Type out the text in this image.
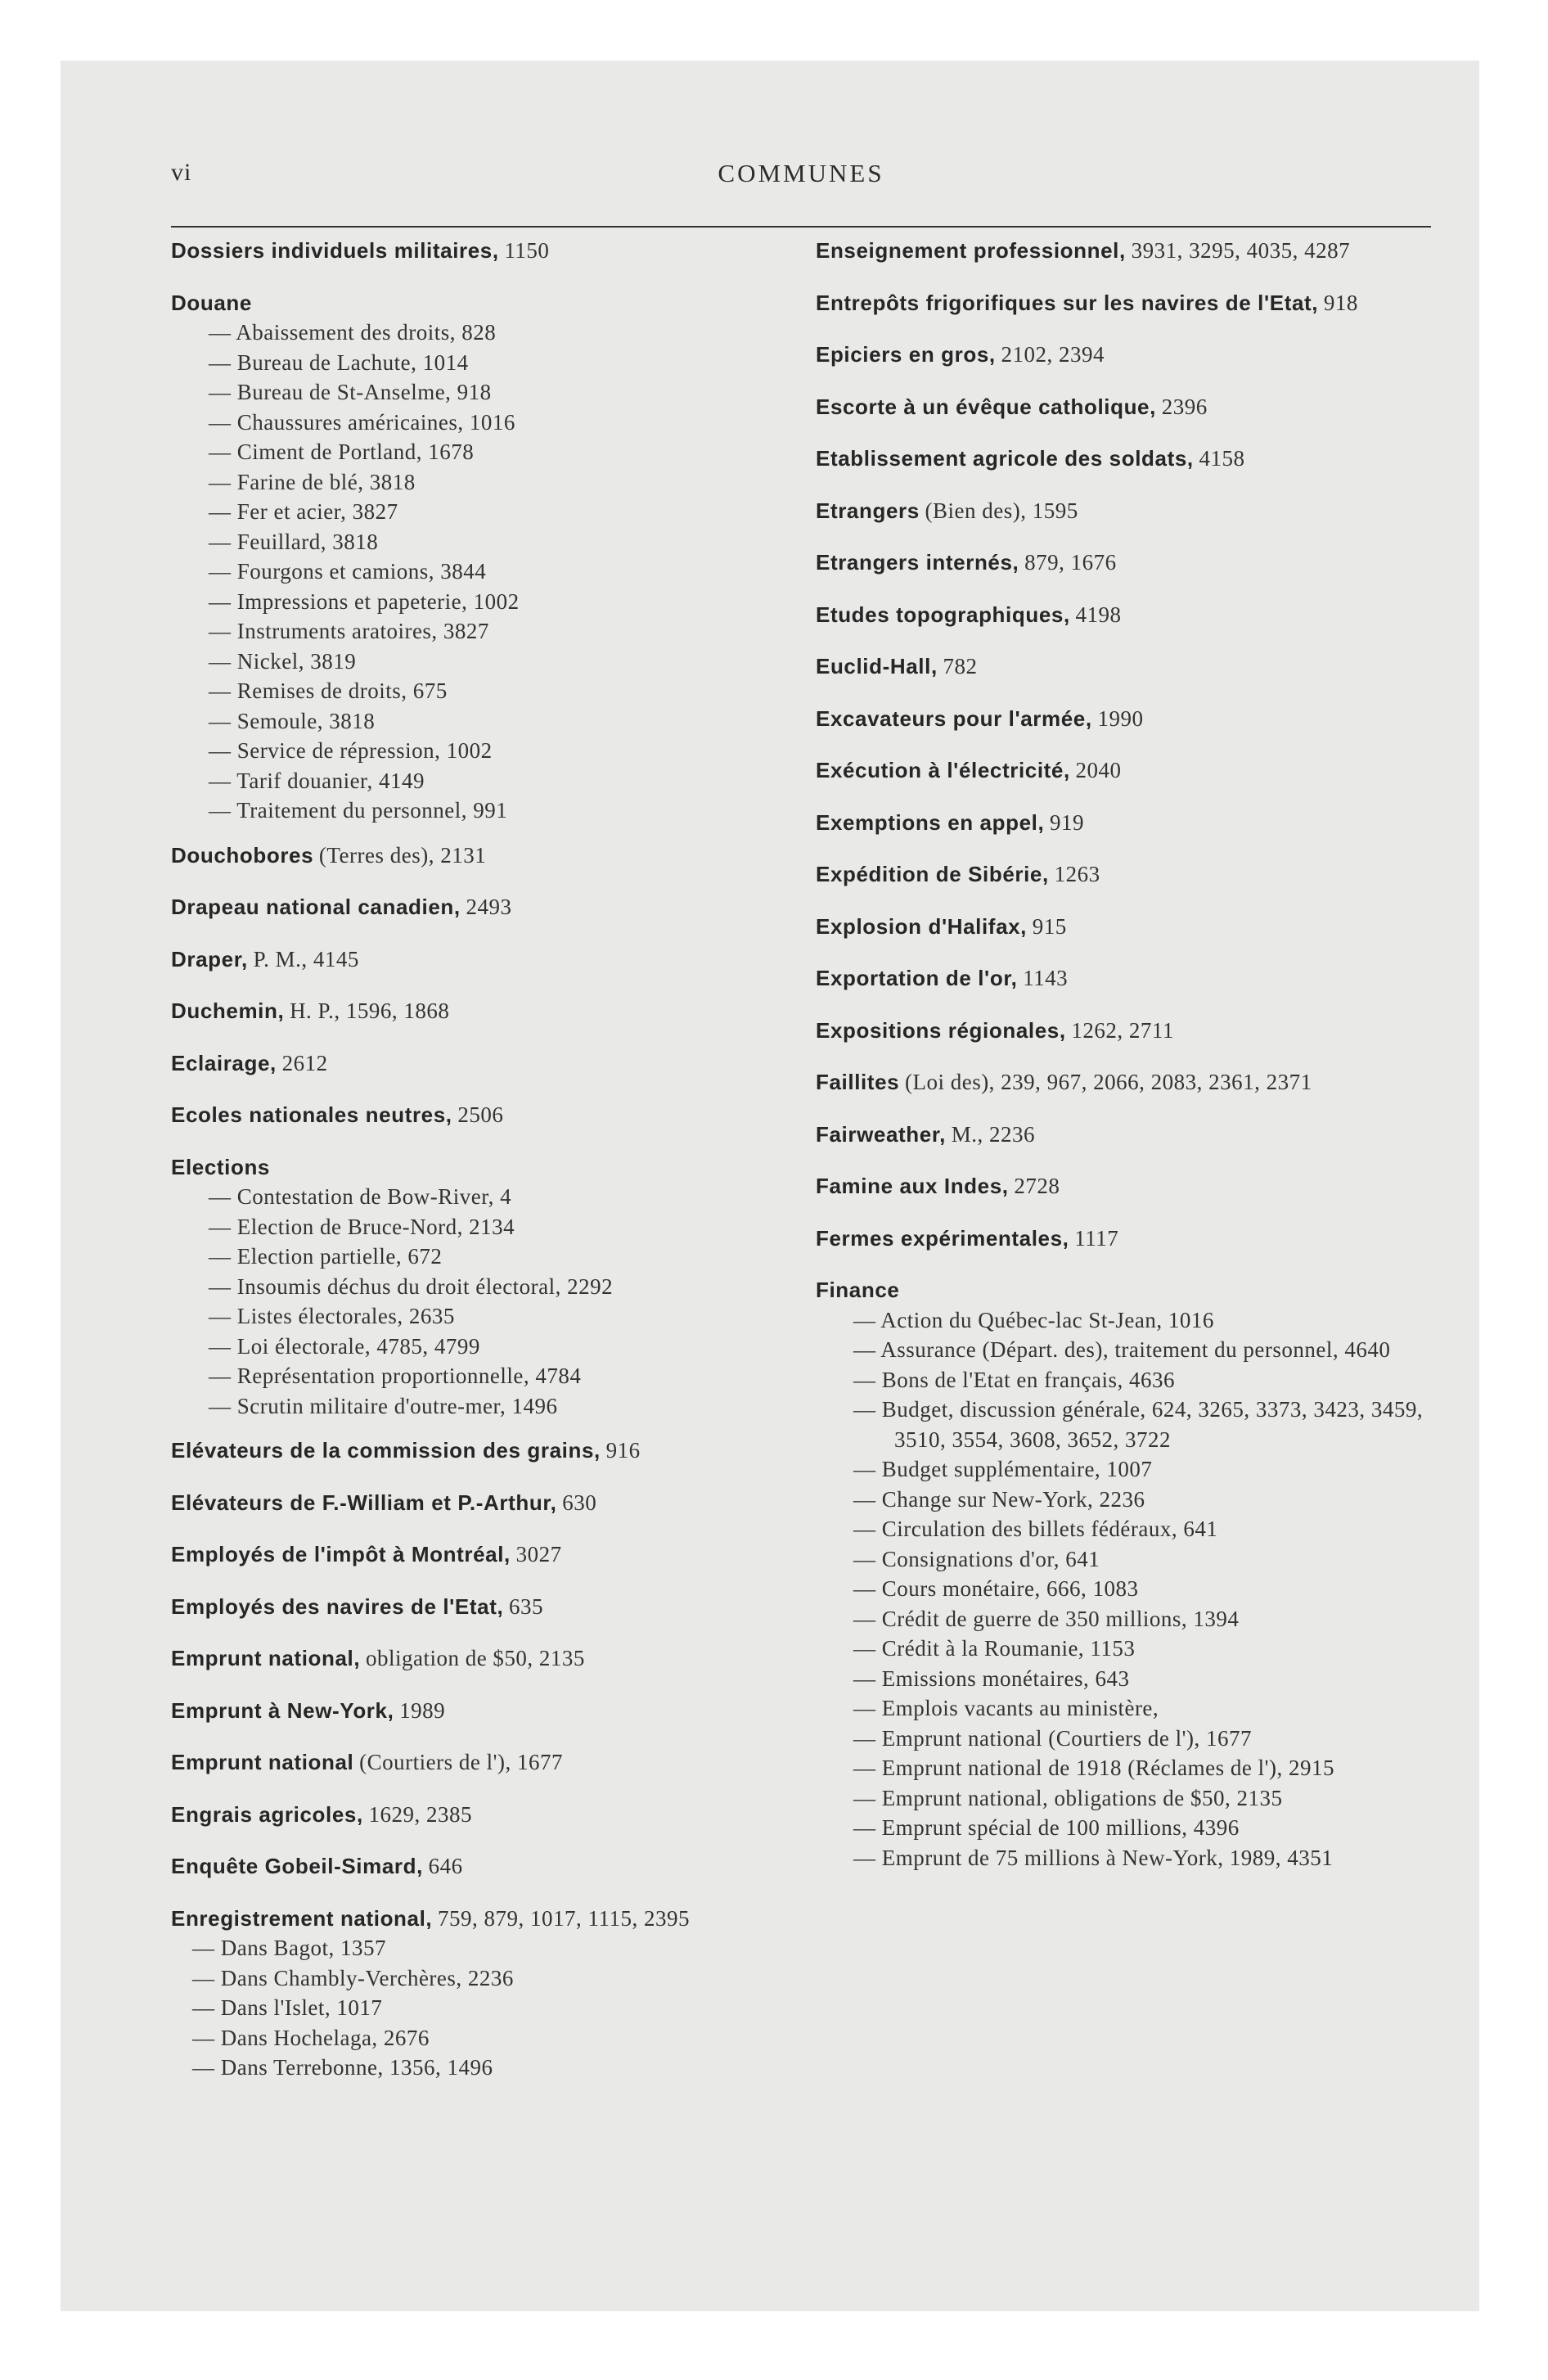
vi	COMMUNES
Dossiers individuels militaires, 1150
Douane
— Abaissement des droits, 828
— Bureau de Lachute, 1014
— Bureau de St-Anselme, 918
— Chaussures américaines, 1016
— Ciment de Portland, 1678
— Farine de blé, 3818
— Fer et acier, 3827
— Feuillard, 3818
— Fourgons et camions, 3844
— Impressions et papeterie, 1002
— Instruments aratoires, 3827
— Nickel, 3819
— Remises de droits, 675
— Semoule, 3818
— Service de répression, 1002
— Tarif douanier, 4149
— Traitement du personnel, 991
Douchobores (Terres des), 2131
Drapeau national canadien, 2493
Draper, P. M., 4145
Duchemin, H. P., 1596, 1868
Eclairage, 2612
Ecoles nationales neutres, 2506
Elections
— Contestation de Bow-River, 4
— Election de Bruce-Nord, 2134
— Election partielle, 672
— Insoumis déchus du droit électoral, 2292
— Listes électorales, 2635
— Loi électorale, 4785, 4799
— Représentation proportionnelle, 4784
— Scrutin militaire d'outre-mer, 1496
Elévateurs de la commission des grains, 916
Elévateurs de F.-William et P.-Arthur, 630
Employés de l'impôt à Montréal, 3027
Employés des navires de l'Etat, 635
Emprunt national, obligation de $50, 2135
Emprunt à New-York, 1989
Emprunt national (Courtiers de l'), 1677
Engrais agricoles, 1629, 2385
Enquête Gobeil-Simard, 646
Enregistrement national, 759, 879, 1017, 1115, 2395
— Dans Bagot, 1357
— Dans Chambly-Verchères, 2236
— Dans l'Islet, 1017
— Dans Hochelaga, 2676
— Dans Terrebonne, 1356, 1496
Enseignement professionnel, 3931, 3295, 4035, 4287
Entrepôts frigorifiques sur les navires de l'Etat, 918
Epiciers en gros, 2102, 2394
Escorte à un évêque catholique, 2396
Etablissement agricole des soldats, 4158
Etrangers (Bien des), 1595
Etrangers internés, 879, 1676
Etudes topographiques, 4198
Euclid-Hall, 782
Excavateurs pour l'armée, 1990
Exécution à l'électricité, 2040
Exemptions en appel, 919
Expédition de Sibérie, 1263
Explosion d'Halifax, 915
Exportation de l'or, 1143
Expositions régionales, 1262, 2711
Faillites (Loi des), 239, 967, 2066, 2083, 2361, 2371
Fairweather, M., 2236
Famine aux Indes, 2728
Fermes expérimentales, 1117
Finance
— Action du Québec-lac St-Jean, 1016
— Assurance (Départ. des), traitement du personnel, 4640
— Bons de l'Etat en français, 4636
— Budget, discussion générale, 624, 3265, 3373, 3423, 3459, 3510, 3554, 3608, 3652, 3722
— Budget supplémentaire, 1007
— Change sur New-York, 2236
— Circulation des billets fédéraux, 641
— Consignations d'or, 641
— Cours monétaire, 666, 1083
— Crédit de guerre de 350 millions, 1394
— Crédit à la Roumanie, 1153
— Emissions monétaires, 643
— Emplois vacants au ministère,
— Emprunt national (Courtiers de l'), 1677
— Emprunt national de 1918 (Réclames de l'), 2915
— Emprunt national, obligations de $50, 2135
— Emprunt spécial de 100 millions, 4396
— Emprunt de 75 millions à New-York, 1989, 4351
